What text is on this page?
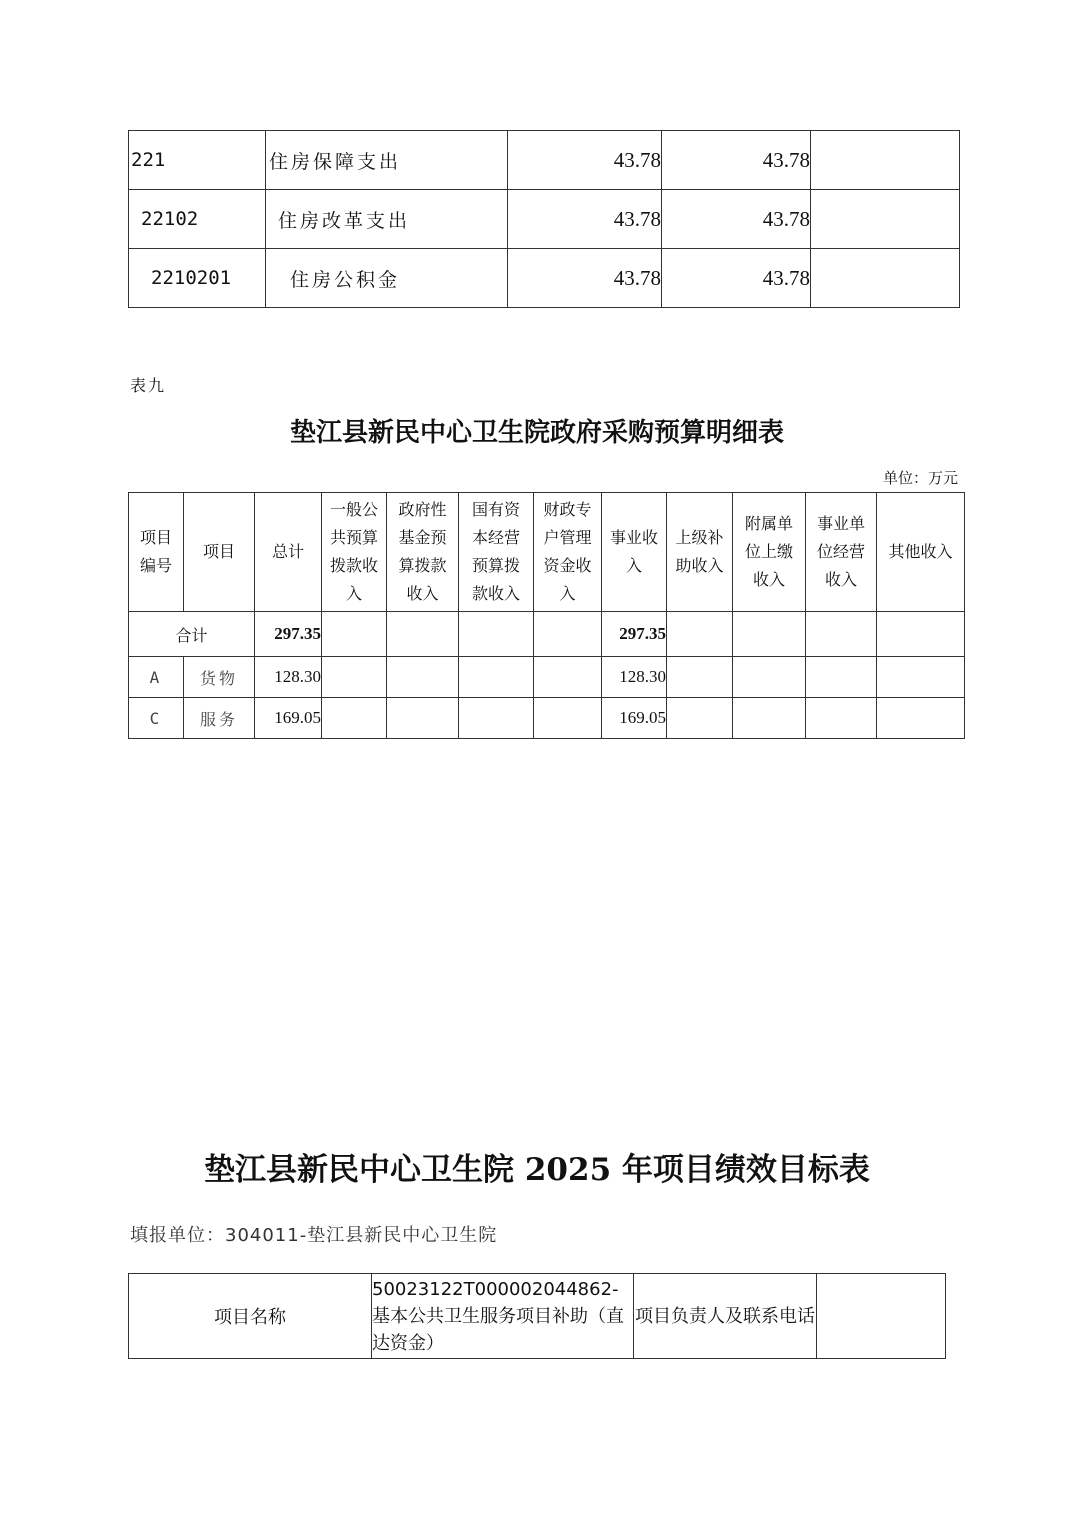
221	住房保障支出	43.78	43.78	
22102	住房改革支出	43.78	43.78	
2210201	住房公积金	43.78	43.78	
表九
垫江县新民中心卫生院政府采购预算明细表
单位：万元
项目编号	项目	总计	一般公共预算拨款收入	政府性基金预算拨款收入	国有资本经营预算拨款收入	财政专户管理资金收入	事业收入	上级补助收入	附属单位上缴收入	事业单位经营收入	其他收入
合计		297.35					297.35				
A	货物	128.30					128.30				
C	服务	169.05					169.05				
垫江县新民中心卫生院 2025 年项目绩效目标表
填报单位：304011-垫江县新民中心卫生院
项目名称	50023122T000002044862-基本公共卫生服务项目补助（直达资金）	项目负责人及联系电话	
